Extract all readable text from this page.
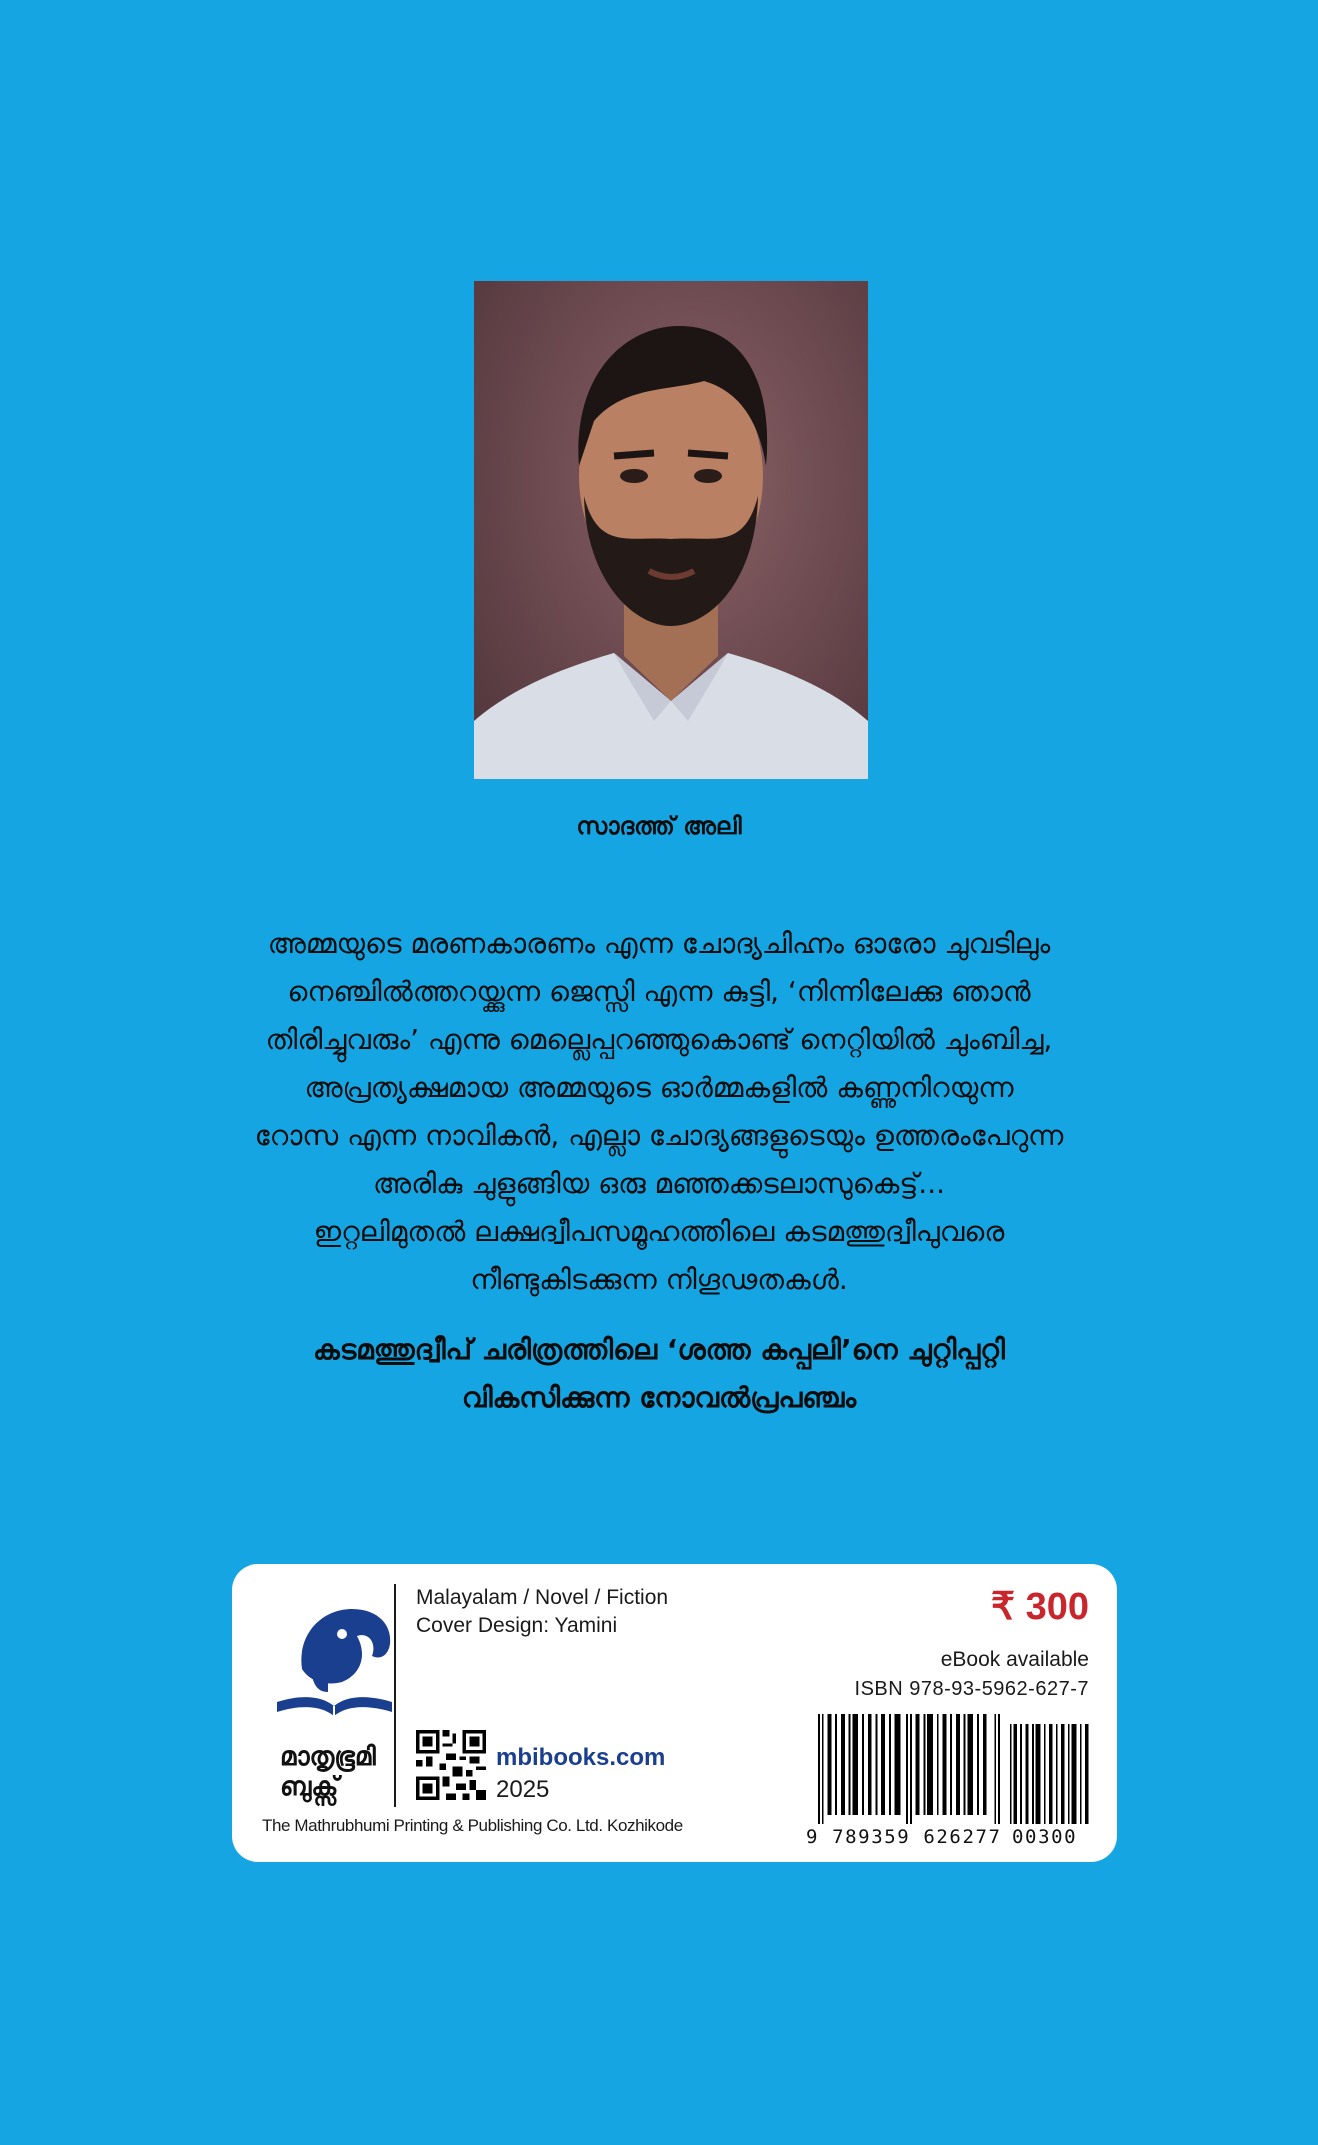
സാദത്ത് അലി
അമ്മയുടെ മരണകാരണം എന്ന ചോദ്യചിഹ്നം ഓരോ ചുവടിലും
നെഞ്ചിൽത്തറയ്ക്കുന്ന ജെസ്സി എന്ന കുട്ടി, ‘നിന്നിലേക്കു ഞാൻ
തിരിച്ചുവരും’ എന്നു മെല്ലെപ്പറഞ്ഞുകൊണ്ട് നെറ്റിയിൽ ചുംബിച്ച,
അപ്രത്യക്ഷമായ അമ്മയുടെ ഓർമ്മകളിൽ കണ്ണുനിറയുന്ന
റോസ എന്ന നാവികൻ, എല്ലാ ചോദ്യങ്ങളുടെയും ഉത്തരംപേറുന്ന
അരികു ചുളുങ്ങിയ ഒരു മഞ്ഞക്കടലാസുകെട്ട്...
ഇറ്റലിമുതൽ ലക്ഷദ്വീപസമൂഹത്തിലെ കടമത്തുദ്വീപുവരെ
നീണ്ടുകിടക്കുന്ന നിഗൂഢതകൾ.
കടമത്തുദ്വീപ് ചരിത്രത്തിലെ ‘ശത്ത കപ്പലി’നെ ചുറ്റിപ്പറ്റി
വികസിക്കുന്ന നോവൽപ്രപഞ്ചം
മാതൃഭൂമി
ബുക്സ്
Malayalam / Novel / Fiction
Cover Design: Yamini
mbibooks.com
2025
The Mathrubhumi Printing & Publishing Co. Ltd. Kozhikode
₹ 300
eBook available
ISBN 978-93-5962-627-7
9 789359 626277 00300
